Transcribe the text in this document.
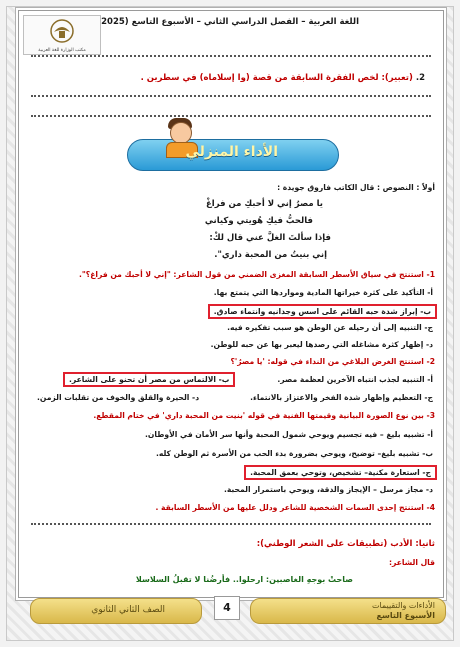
اللغة العربية – الفصل الدراسي الثاني – الأسبوع التاسع (2025
مكتب الوزارة للغة العربية
2. (تعبير): لخص الفقرة السابقة من قصة (وا إسلاماه) في سطرين .
الأداء المنزلي
أولاً : النصوص : قال الكاتب فاروق جويدة :
يا مصرُ إني لا أحبكِ من فراغْ
فالحبُّ فيكِ هُويتي وكياني
فإذا سألتَ الغلَّ عني قال لكْ:
إني بنيتُ من المحبة داري".
1- استنتج في سياق الأسطر السابقة المغزى الضمني من قول الشاعر: "إني لا أحبك من فراغ؟".
أ- التأكيد على كثرة خيراتها المادية ومواردها التي يتمتع بها.
ب- إبراز شدة حبه القائم على اسس وجدانيه وانتماء صادق.
ج- التنبيه إلى أن رحيله عن الوطن هو سبب تفكيره فيه.
د- إظهار كثرة مشاغله التي رصدها ليعبر بها عن حبه للوطن.
2- استنتج الغرض البلاغي من النداء في قوله: 'يا مصرُ'؟
أ- التنبيه لجذب انتباه الآخرين لعظمة مصر.
ب- الالتماس من مصر أن تحنو على الشاعر.
ج- التعظيم وإظهار شدة الفخر والاعتزاز بالانتماء.
د- الحيرة والقلق والخوف من تقلبات الزمن.
3- بين نوع الصورة البيانية وقيمتها الفنية في قوله 'بنيت من المحبة داري' في ختام المقطع.
أ- تشبيه بليغ – فيه تجسيم ويوحي شمول المحبة وأنها سر الأمان في الأوطان.
ب- تشبيه بليغ– توضيح، ويوحي بضرورة بدء الحب من الأسرة ثم الوطن كله.
ج- استعارة مكنية– تشخيص، وتوحي بعمق المحبة.
د- مجاز مرسل – الإيجاز والدقة، ويوحي باستمرار المحبة.
4- استنتج إحدى السمات الشخصية للشاعر ودلل عليها من الأسطر السابقة .
ثانيا: الأدب (تطبيقات على الشعر الوطني):
قال الشاعر:
صاحتْ بوجهِ الغاصبين: ارحلوا.. فأرضُنا لا تقبلُ السلاسلا
الأداءات والتقييمات
الأسبوع التاسع
4
الصف الثاني الثانوي
